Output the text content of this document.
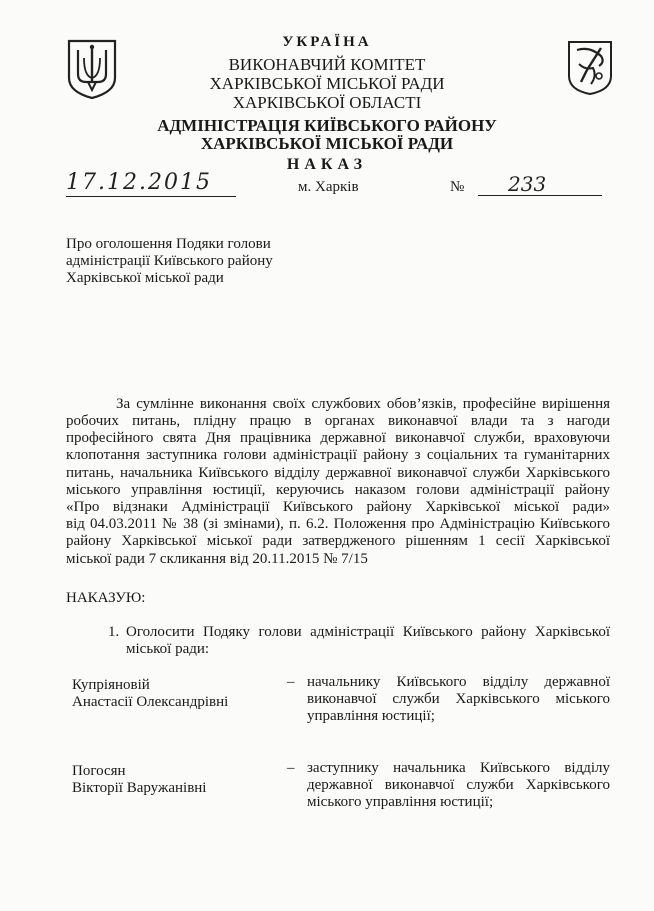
УКРАЇНА
ВИКОНАВЧИЙ КОМІТЕТ
ХАРКІВСЬКОЇ МІСЬКОЇ РАДИ
ХАРКІВСЬКОЇ ОБЛАСТІ
АДМІНІСТРАЦІЯ КИЇВСЬКОГО РАЙОНУ
ХАРКІВСЬКОЇ МІСЬКОЇ РАДИ
НАКАЗ
17.12.2015	м. Харків	№	233
Про оголошення Подяки голови
адміністрації Київського району
Харківської міської ради
За сумлінне виконання своїх службових обов’язків, професійне вирішення
робочих питань, плідну працю в органах виконавчої влади та з нагоди
професійного свята Дня працівника державної виконавчої служби, враховуючи
клопотання заступника голови адміністрації району з соціальних та гуманітарних
питань, начальника Київського відділу державної виконавчої служби Харківського
міського управління юстиції, керуючись наказом голови адміністрації району
«Про відзнаки Адміністрації Київського району Харківської міської ради»
від 04.03.2011 № 38 (зі змінами), п. 6.2. Положення про Адміністрацію Київського
району Харківської міської ради затвердженого рішенням 1 сесії Харківської
міської ради 7 скликання від 20.11.2015 № 7/15
НАКАЗУЮ:
1. Оголосити Подяку голови адміністрації Київського району Харківської
міської ради:
Купріяновій
Анастасії Олександрівні
– начальнику Київського відділу державної
виконавчої служби Харківського міського
управління юстиції;
Погосян
Вікторії Варужанівні
– заступнику начальника Київського відділу
державної виконавчої служби Харківського
міського управління юстиції;
